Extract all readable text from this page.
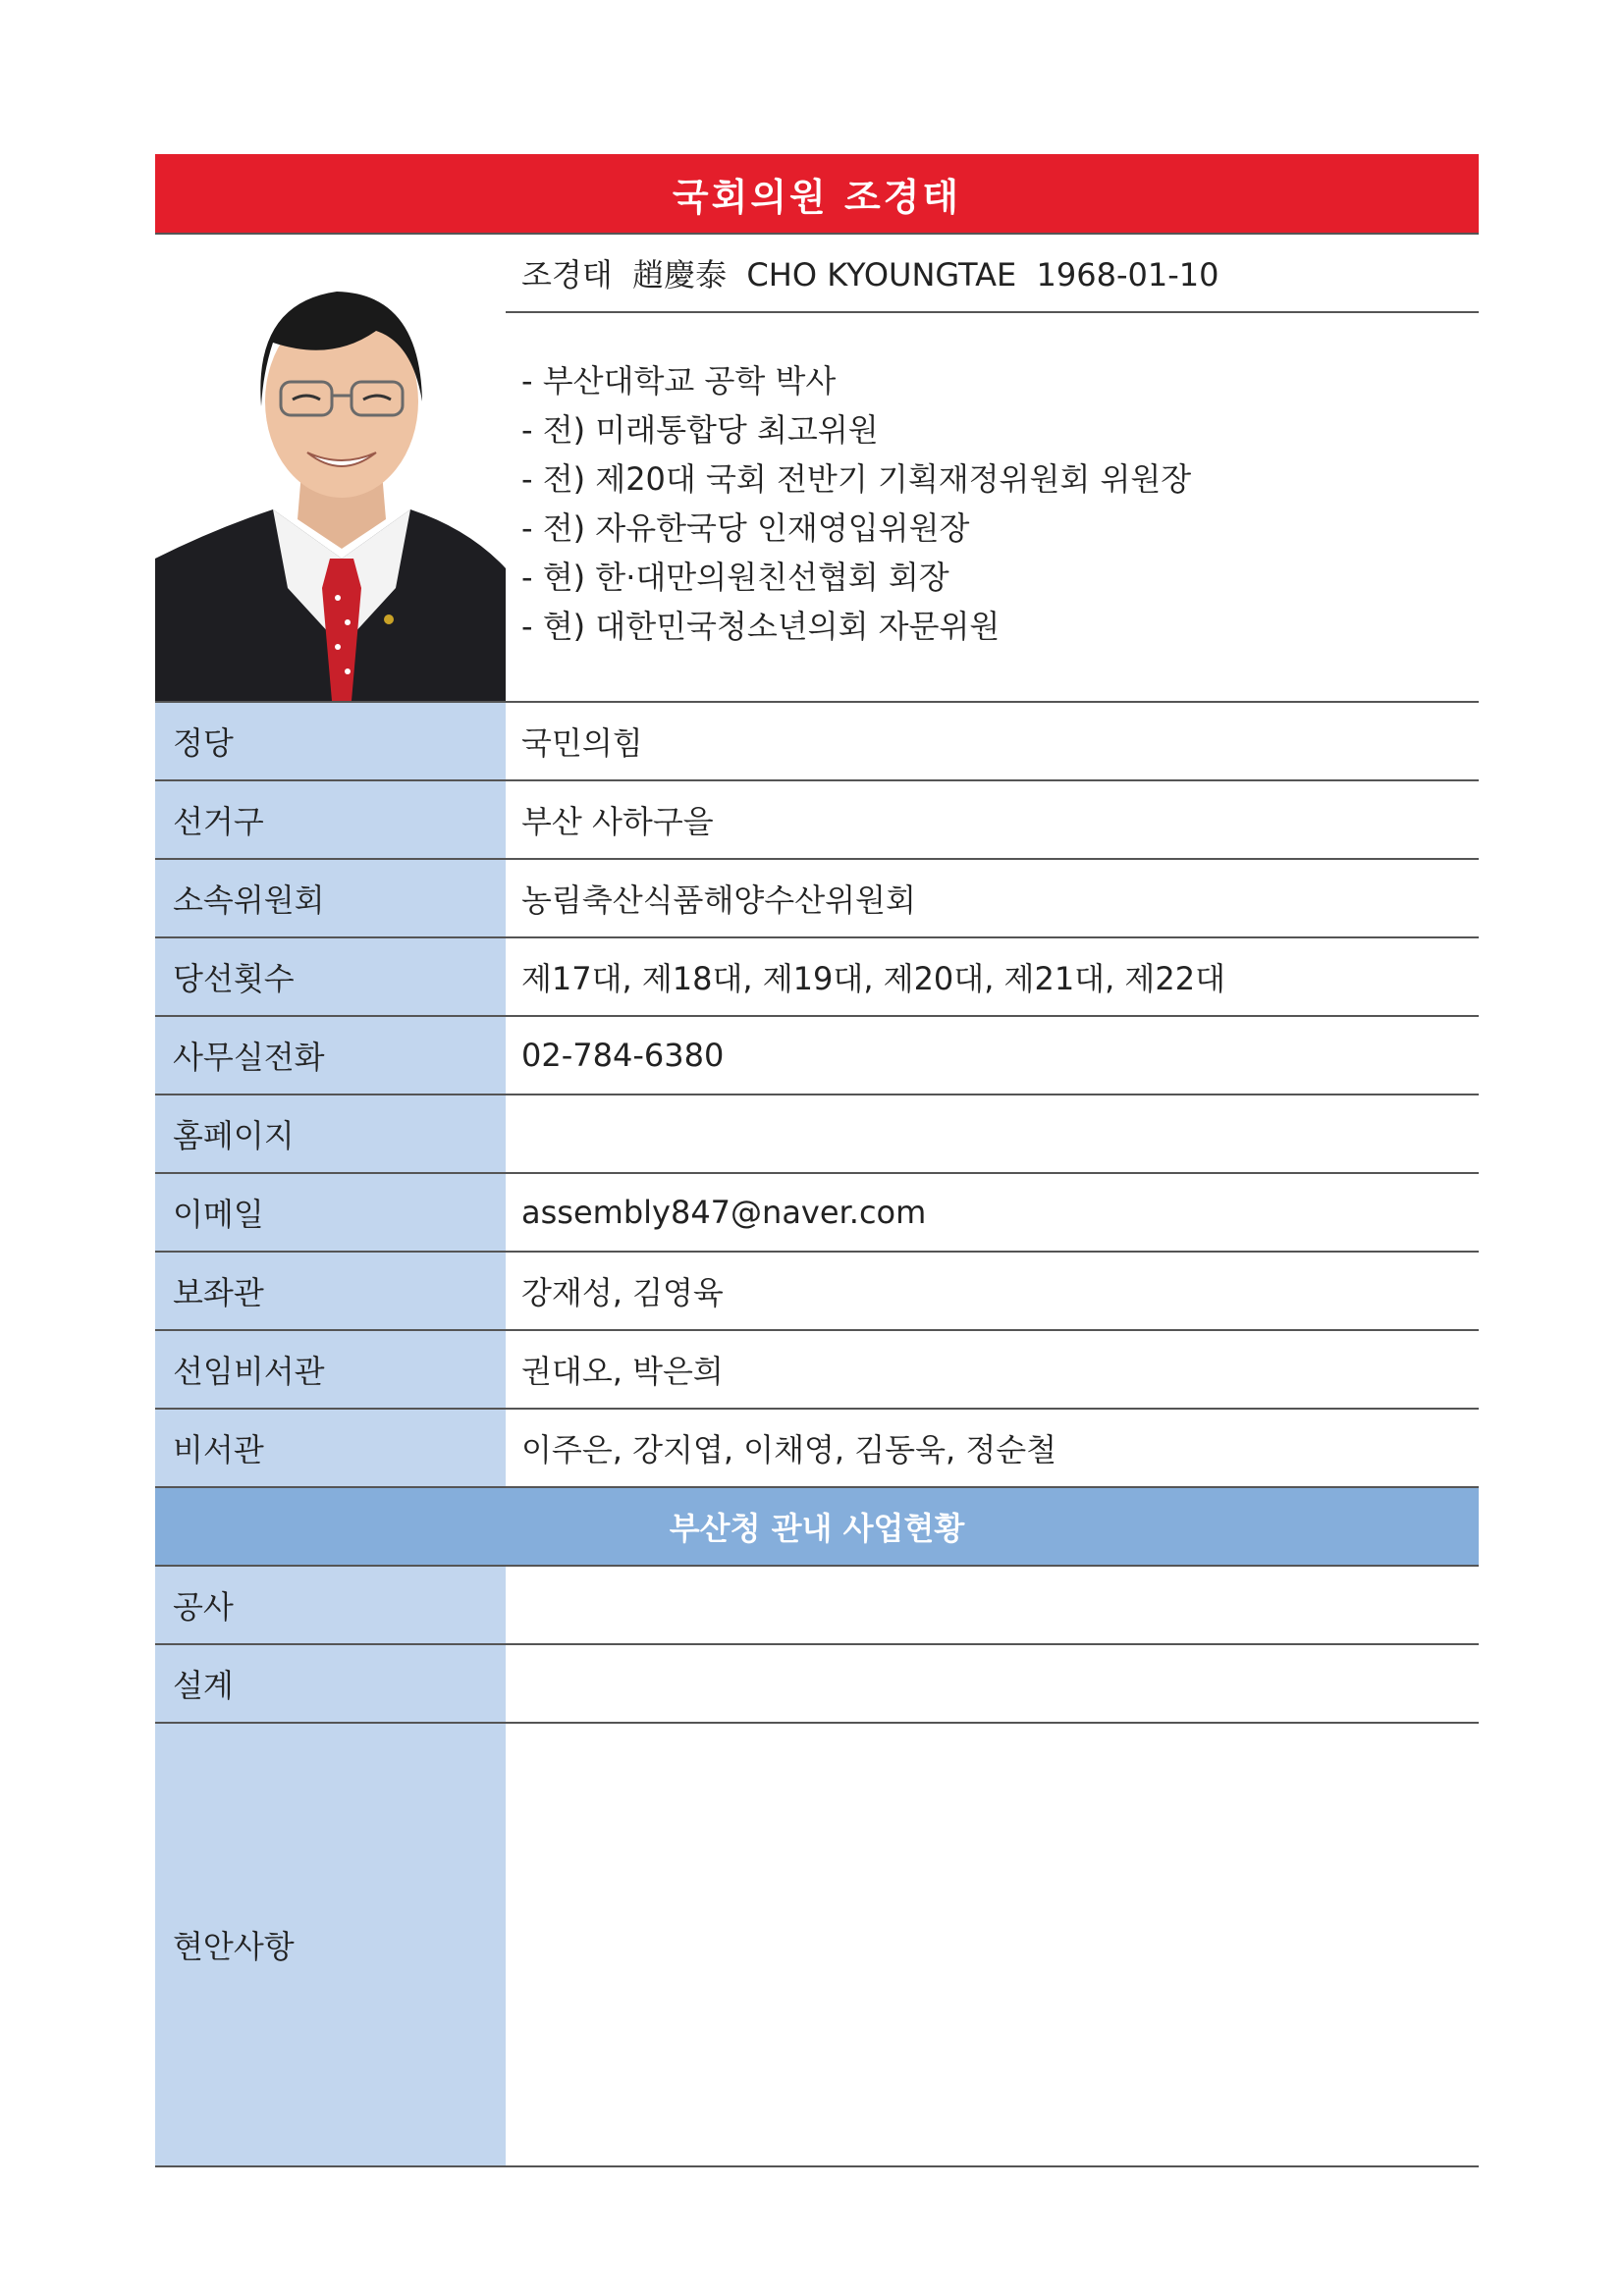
국회의원 조경태
조경태  趙慶泰  CHO KYOUNGTAE  1968-01-10
- 부산대학교 공학 박사
- 전) 미래통합당 최고위원
- 전) 제20대 국회 전반기 기획재정위원회 위원장
- 전) 자유한국당 인재영입위원장
- 현) 한·대만의원친선협회 회장
- 현) 대한민국청소년의회 자문위원
정당	국민의힘
선거구	부산 사하구을
소속위원회	농림축산식품해양수산위원회
당선횟수	제17대, 제18대, 제19대, 제20대, 제21대, 제22대
사무실전화	02-784-6380
홈페이지
이메일	assembly847@naver.com
보좌관	강재성, 김영육
선임비서관	권대오, 박은희
비서관	이주은, 강지엽, 이채영, 김동욱, 정순철
부산청 관내 사업현황
공사
설계
현안사항
